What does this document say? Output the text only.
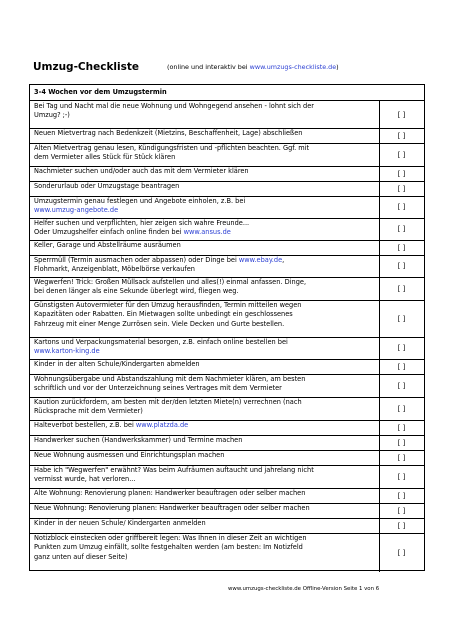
Umzug-Checkliste	(online und interaktiv bei www.umzugs-checkliste.de)
3-4 Wochen vor dem Umzugstermin
Bei Tag und Nacht mal die neue Wohnung und Wohngegend ansehen - lohnt sich der
Umzug? ;-)	[ ]
Neuen Mietvertrag nach Bedenkzeit (Mietzins, Beschaffenheit, Lage) abschließen	[ ]
Alten Mietvertrag genau lesen, Kündigungsfristen und -pflichten beachten. Ggf. mit
dem Vermieter alles Stück für Stück klären	[ ]
Nachmieter suchen und/oder auch das mit dem Vermieter klären	[ ]
Sonderurlaub oder Umzugstage beantragen	[ ]
Umzugstermin genau festlegen und Angebote einholen, z.B. bei
www.umzug-angebote.de	[ ]
Helfer suchen und verpflichten, hier zeigen sich wahre Freunde...
Oder Umzugshelfer einfach online finden bei www.ansus.de	[ ]
Keller, Garage und Abstellräume ausräumen	[ ]
Sperrmüll (Termin ausmachen oder abpassen) oder Dinge bei www.ebay.de,
Flohmarkt, Anzeigenblatt, Möbelbörse verkaufen	[ ]
Wegwerfen! Trick: Großen Müllsack aufstellen und alles(!) einmal anfassen. Dinge,
bei denen länger als eine Sekunde überlegt wird, fliegen weg.	[ ]
Günstigsten Autovermieter für den Umzug herausfinden, Termin mitteilen wegen
Kapazitäten oder Rabatten. Ein Mietwagen sollte unbedingt ein geschlossenes
Fahrzeug mit einer Menge Zurrösen sein. Viele Decken und Gurte bestellen.
[ ]
Kartons und Verpackungsmaterial besorgen, z.B. einfach online bestellen bei
www.karton-king.de	[ ]
Kinder in der alten Schule/Kindergarten abmelden	[ ]
Wohnungsübergabe und Abstandszahlung mit dem Nachmieter klären, am besten
schriftlich und vor der Unterzeichnung seines Vertrages mit dem Vermieter	[ ]
Kaution zurückfordern, am besten mit der/den letzten Miete(n) verrechnen (nach
Rücksprache mit dem Vermieter)	[ ]
Halteverbot bestellen, z.B. bei www.platzda.de	[ ]
Handwerker suchen (Handwerkskammer) und Termine machen	[ ]
Neue Wohnung ausmessen und Einrichtungsplan machen	[ ]
Habe ich "Wegwerfen" erwähnt? Was beim Aufräumen auftaucht und jahrelang nicht
vermisst wurde, hat verloren...	[ ]
Alte Wohnung: Renovierung planen: Handwerker beauftragen oder selber machen	[ ]
Neue Wohnung: Renovierung planen: Handwerker beauftragen oder selber machen	[ ]
Kinder in der neuen Schule/ Kindergarten anmelden	[ ]
Notizblock einstecken oder griffbereit legen: Was Ihnen in dieser Zeit an wichtigen
Punkten zum Umzug einfällt, sollte festgehalten werden (am besten: Im Notizfeld
ganz unten auf dieser Seite)
[ ]
www.umzugs-checkliste.de Offline-Version Seite 1 von 6
